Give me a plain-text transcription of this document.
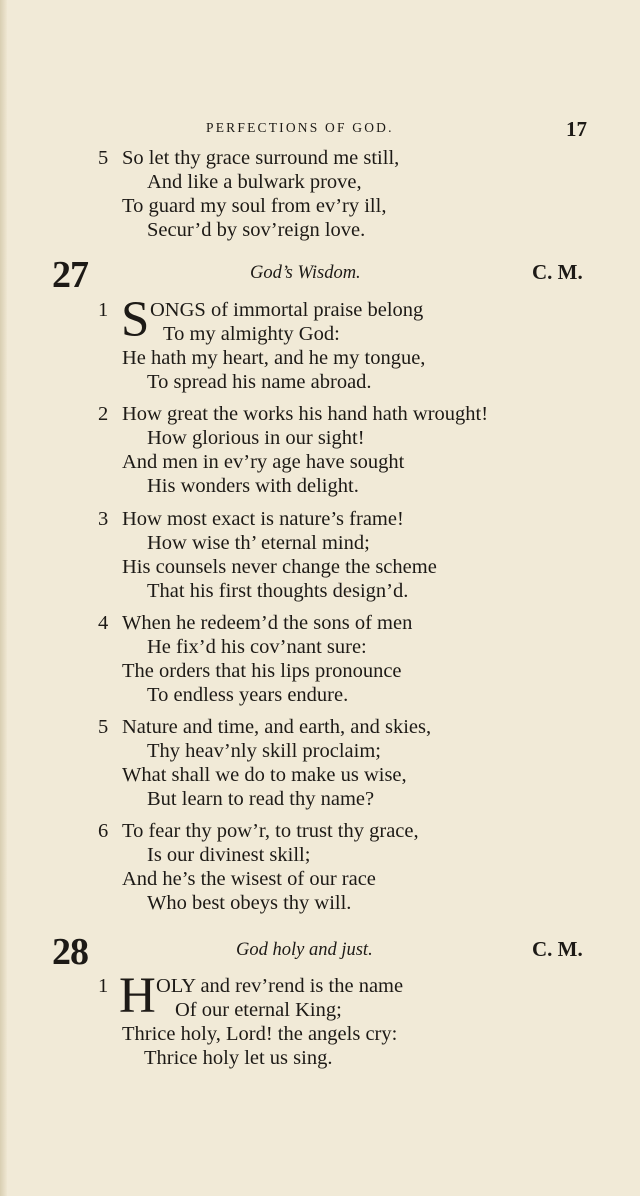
PERFECTIONS OF GOD.	17
5 So let thy grace surround me still,
And like a bulwark prove,
To guard my soul from ev’ry ill,
Secur’d by sov’reign love.
27	God’s Wisdom.	C. M.
1 S ONGS of immortal praise belong
To my almighty God:
He hath my heart, and he my tongue,
To spread his name abroad.
2 How great the works his hand hath wrought!
How glorious in our sight!
And men in ev’ry age have sought
His wonders with delight.
3 How most exact is nature’s frame!
How wise th’ eternal mind;
His counsels never change the scheme
That his first thoughts design’d.
4 When he redeem’d the sons of men
He fix’d his cov’nant sure:
The orders that his lips pronounce
To endless years endure.
5 Nature and time, and earth, and skies,
Thy heav’nly skill proclaim;
What shall we do to make us wise,
But learn to read thy name?
6 To fear thy pow’r, to trust thy grace,
Is our divinest skill;
And he’s the wisest of our race
Who best obeys thy will.
28	God holy and just.	C. M.
1 H OLY and rev’rend is the name
Of our eternal King;
Thrice holy, Lord! the angels cry:
Thrice holy let us sing.
